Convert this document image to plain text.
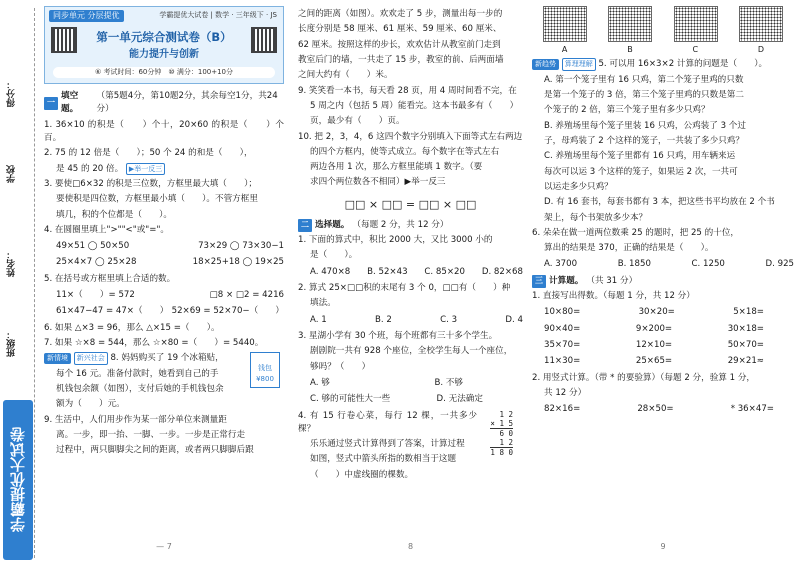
得分：
学校
姓名：
班级：
学霸提优大试卷
同步单元 分层提优	学霸提优大试卷 | 数学 · 三年级下 · JS
第一单元综合测试卷（B）
能力提升与创新
⑥ 考试时间：60分钟　⑩ 满分：100+10分
一
填空题。
（第5题4分，第10题2分，其余每空1分，共24分）

1. 36×10 的积是（　　）个十，20×60 的积是（　　）个百。

2. 75 的 12 倍是（　　）；50 个 24 的和是（　　），

是 45 的 20 倍。 ▶举一反三

3. 要使□6×32 的积是三位数，方框里最大填（　　）；

要使积是四位数，方框里最小填（　　）。不管方框里

填几，积的个位都是（　　）。

4. 在圆圈里填上">""<"或"="。

49×51 ◯ 50×50	73×29 ◯ 73×30−1
25×4×7 ◯ 25×28	18×25+18 ◯ 19×25

5. 在括号或方框里填上合适的数。

11×（　　）= 572	□8 × □2 = 4216
61×47−47 = 47×（　　） 52×69 = 52×70−（　　）

6. 如果 △×3 = 96，那么 △×15 =（　　）。

7. 如果 ☆×8 = 544，那么 ☆×80 =（　　）= 5440。

钱包 ¥800

新情境 新兴社会 8. 妈妈购买了 19 个冰箱贴，

每个 16 元。准备付款时，她看到自己的手

机钱包余额（如图），支付后她的手机钱包余

额为（　　）元。

9. 生活中，人们用步作为某一部分单位来测量距

离。一步，即一抬、一脚、一步。一步是正常行走

过程中，两只脚脚尖之间的距离，或者两只脚脚后跟

— 7

之间的距离（如图）。欢欢走了 5 步，测量出每一步的

长度分别是 58 厘米、61 厘米、59 厘米、60 厘米、

62 厘米。按照这样的步长，欢欢估计从教室前门走到

教室后门的墙，一共走了 15 步，教室的前、后两面墙

之间大约有（　　）米。

9. 笑笑看一本书，每天看 28 页，用 4 周时间看不完，在

5 周之内（包括 5 周）能看完。这本书最多有（　　）

页，最少有（　　）页。

10. 把 2，3，4，6 这四个数字分别填入下面等式左右两边

的四个方框内，使等式成立。每个数字在等式左右

两边各用 1 次，那么方框里能填 1 数字。（要

求四个两位数各不相同）▶举一反三

□□ × □□ = □□ × □□
二 选择题。 （每题 2 分，共 12 分）

1. 下面的算式中，积比 2000 大，又比 3000 小的

是（　　）。

A. 470×8 B. 52×43 C. 85×20 D. 82×68

2. 算式 25×□□积的末尾有 3 个 0，□□有（　　）种

填法。

A. 1	B. 2	C. 3	D. 4

3. 星湖小学有 30 个班，每个班都有三十多个学生。

剧剧院一共有 928 个座位，全校学生每人一个座位，

够吗？（　　）

A. 够	B. 不够
C. 够的可能性大一些	D. 无法确定
1 2
× 1 5
6 0
1 2
1 8 0

4. 有 15 行卷心菜，每行 12 棵，一共多少棵？

乐乐通过竖式计算得到了答案，计算过程

如图，竖式中箭头所指的数相当于这题

（　　）中虚线圈的棵数。

8
A	B	C	D

新趋势 算理理解 5. 可以用 16×3×2 计算的问题是（　　）。

A. 第一个笼子里有 16 只鸡，第二个笼子里鸡的只数

是第一个笼子的 3 倍，第三个笼子里鸡的只数是第二

个笼子的 2 倍，第三个笼子里有多少只鸡？

B. 养殖场里每个笼子里装 16 只鸡，公鸡装了 3 个过

子，母鸡装了 2 个这样的笼子，一共装了多少只鸡？

C. 养殖场里每个笼子里都有 16 只鸡，用车辆来运

每次可以运 3 个这样的笼子，如果运 2 次，一共可

以运走多少只鸡？

D. 有 16 套书，每套书都有 3 本，把这些书平均放在 2 个书

架上，每个书架放多少本？

6. 朵朵在做一道两位数乘 25 的题时，把 25 的十位，

算出的结果是 370，正确的结果是（　　）。

A. 3700	B. 1850	C. 1250	D. 925
三 计算题。 （共 31 分）

1. 直接写出得数。（每题 1 分，共 12 分）

10×80=	30×20=	5×18=
90×40=	9×200=	30×18=
35×70=	12×10=	50×70=
11×30=	25×65=	29×21≈

2. 用竖式计算。（带 * 的要验算）（每题 2 分，验算 1 分，

共 12 分）

82×16=	28×50=	* 36×47=
9
